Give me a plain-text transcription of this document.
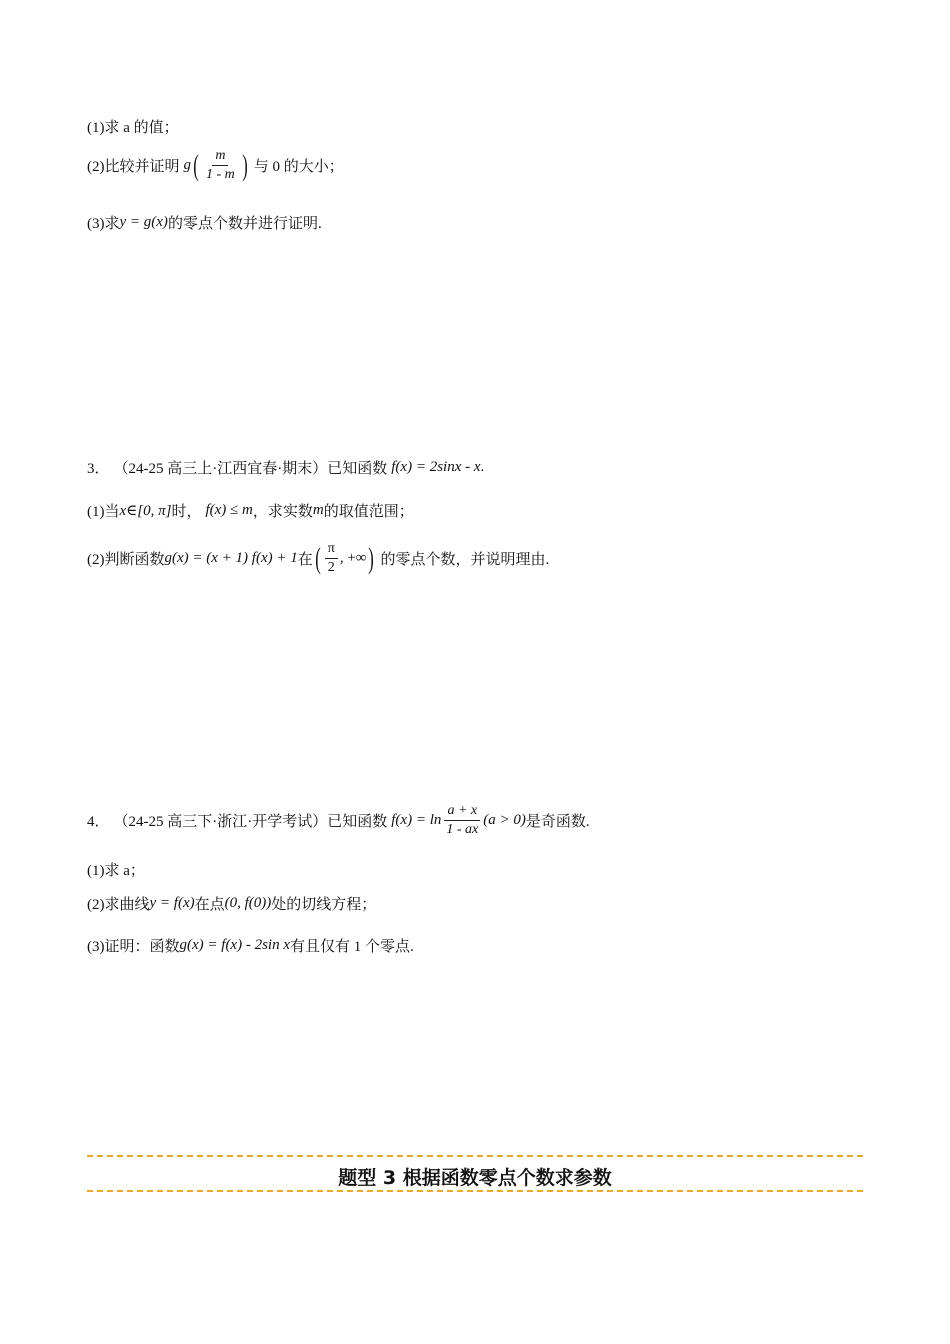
(1)求 a 的值；
(2)比较并证明 g ( $\frac{m}{1 - m}$ ) 与 0 的大小；
(3)求 y = g(x) 的零点个数并进行证明.
3． （24-25 高三上·江西宜春·期末）已知函数 f(x) = 2sinx - x .
(1)当 x∈[0, π] 时， f(x) ≤ m ，求实数 m 的取值范围；
(2)判断函数 g(x) = (x + 1) f(x) + 1 在 ( $\frac{\pi}{2}$ , +∞ ) 的零点个数，并说明理由.
4． （24-25 高三下·浙江·开学考试）已知函数 $f(x) = \ln \frac{a + x}{1 - ax} (a > 0)$ 是奇函数.
(1)求 a；
(2)求曲线 y = f(x) 在点 (0, f(0)) 处的切线方程；
(3)证明：函数 g(x) = f(x) - 2sin x 有且仅有 1 个零点.
题型 3 根据函数零点个数求参数
